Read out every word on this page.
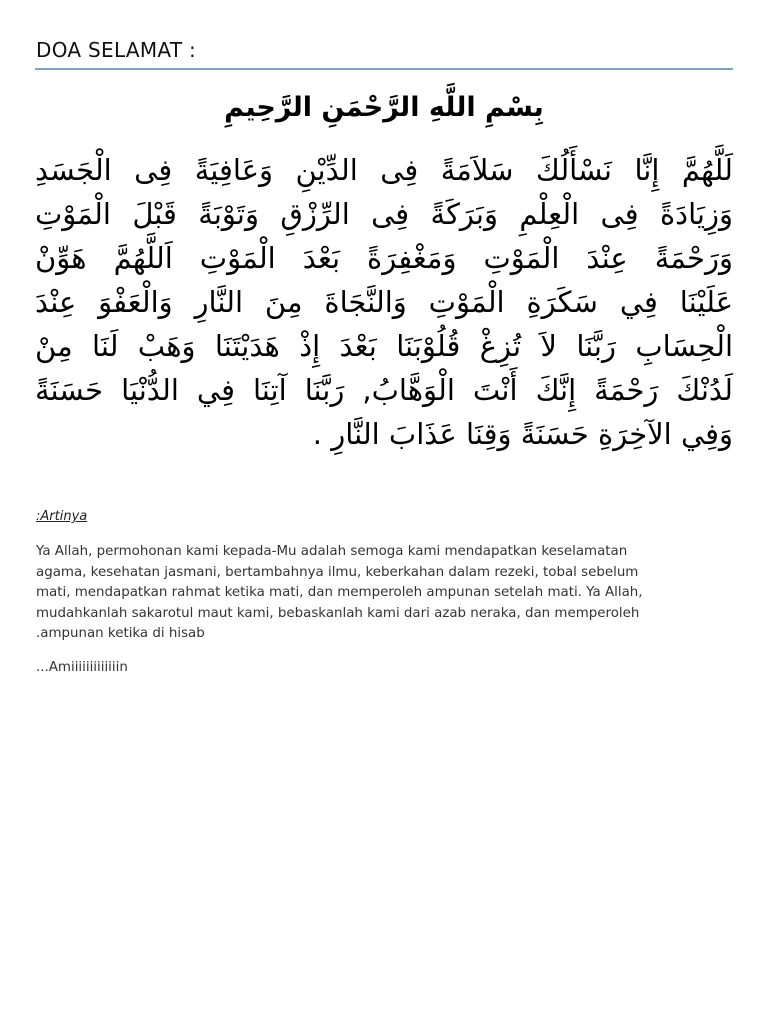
DOA SELAMAT :
بِسْمِ اللَّهِ الرَّحْمَنِ الرَّحِيمِ
لَلَّهُمَّ إِنَّا نَسْأَلُكَ سَلاَمَةً فِى الدِّيْنِ وَعَافِيَةً فِى الْجَسَدِ
وَزِيَادَةً فِى الْعِلْمِ وَبَرَكَةً فِى الرِّزْقِ وَتَوْبَةً قَبْلَ الْمَوْتِ
وَرَحْمَةً عِنْدَ الْمَوْتِ وَمَغْفِرَةً بَعْدَ الْمَوْتِ اَللَّهُمَّ هَوِّنْ
عَلَيْنَا فِي سَكَرَةِ الْمَوْتِ وَالنَّجَاةَ مِنَ النَّارِ وَالْعَفْوَ عِنْدَ
الْحِسَابِ رَبَّنَا لاَ تُزِغْ قُلُوْبَنَا بَعْدَ إِذْ هَدَيْتَنَا وَهَبْ لَنَا مِنْ
لَدُنْكَ رَحْمَةً إِنَّكَ أَنْتَ الْوَهَّابُ, رَبَّنَا آتِنَا فِي الدُّنْيَا حَسَنَةً
وَفِي الآخِرَةِ حَسَنَةً وَقِنَا عَذَابَ النَّارِ .
:Artinya
Ya Allah, permohonan kami kepada-Mu adalah semoga kami mendapatkan keselamatan
agama, kesehatan jasmani, bertambahnya ilmu, keberkahan dalam rezeki, tobal sebelum
mati, mendapatkan rahmat ketika mati, dan memperoleh ampunan setelah mati. Ya Allah,
mudahkanlah sakarotul maut kami, bebaskanlah kami dari azab neraka, dan memperoleh
.ampunan ketika di hisab
...Amiiiiiiiiiiiiin
